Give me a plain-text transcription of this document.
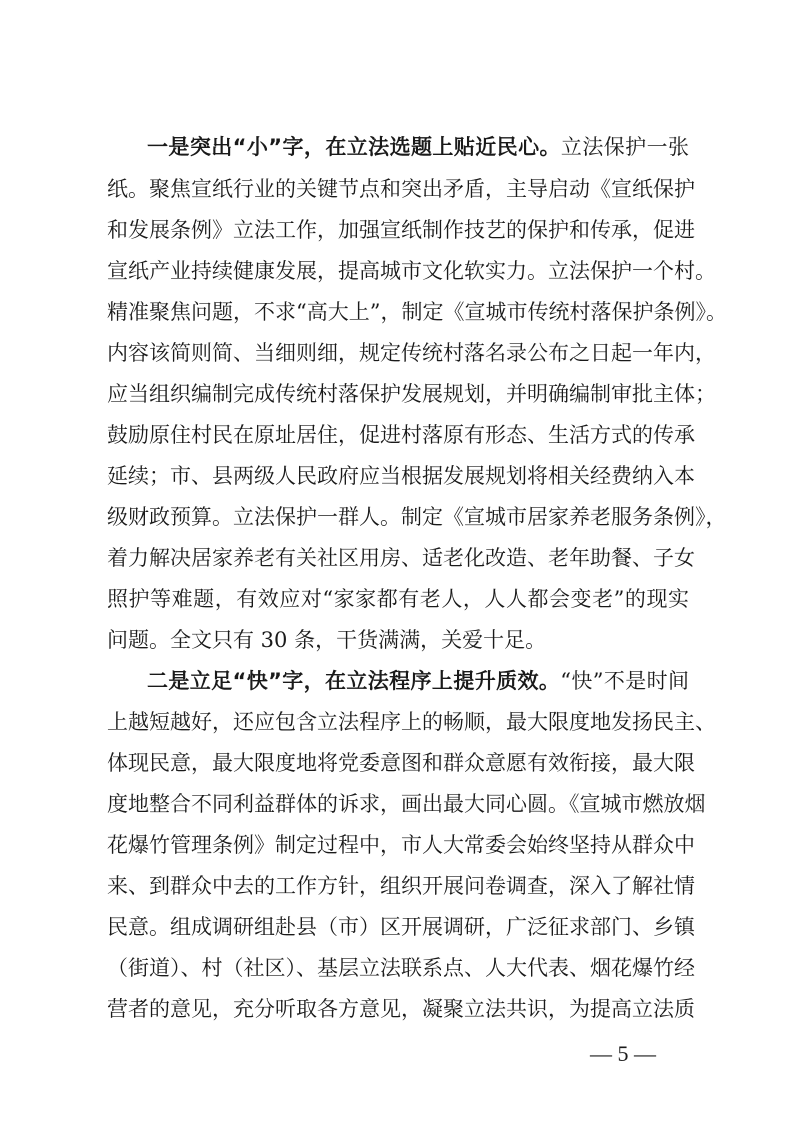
一是突出“小”字，在立法选题上贴近民心。立法保护一张
纸。聚焦宣纸行业的关键节点和突出矛盾，主导启动《宣纸保护
和发展条例》立法工作，加强宣纸制作技艺的保护和传承，促进
宣纸产业持续健康发展，提高城市文化软实力。立法保护一个村。
精准聚焦问题，不求“高大上”，制定《宣城市传统村落保护条例》。
内容该简则简、当细则细，规定传统村落名录公布之日起一年内，
应当组织编制完成传统村落保护发展规划，并明确编制审批主体；
鼓励原住村民在原址居住，促进村落原有形态、生活方式的传承
延续；市、县两级人民政府应当根据发展规划将相关经费纳入本
级财政预算。立法保护一群人。制定《宣城市居家养老服务条例》，
着力解决居家养老有关社区用房、适老化改造、老年助餐、子女
照护等难题，有效应对“家家都有老人，人人都会变老”的现实
问题。全文只有 30 条，干货满满，关爱十足。
二是立足“快”字，在立法程序上提升质效。“快”不是时间
上越短越好，还应包含立法程序上的畅顺，最大限度地发扬民主、
体现民意，最大限度地将党委意图和群众意愿有效衔接，最大限
度地整合不同利益群体的诉求，画出最大同心圆。《宣城市燃放烟
花爆竹管理条例》制定过程中，市人大常委会始终坚持从群众中
来、到群众中去的工作方针，组织开展问卷调查，深入了解社情
民意。组成调研组赴县（市）区开展调研，广泛征求部门、乡镇
（街道）、村（社区）、基层立法联系点、人大代表、烟花爆竹经
营者的意见，充分听取各方意见，凝聚立法共识，为提高立法质
— 5 —
